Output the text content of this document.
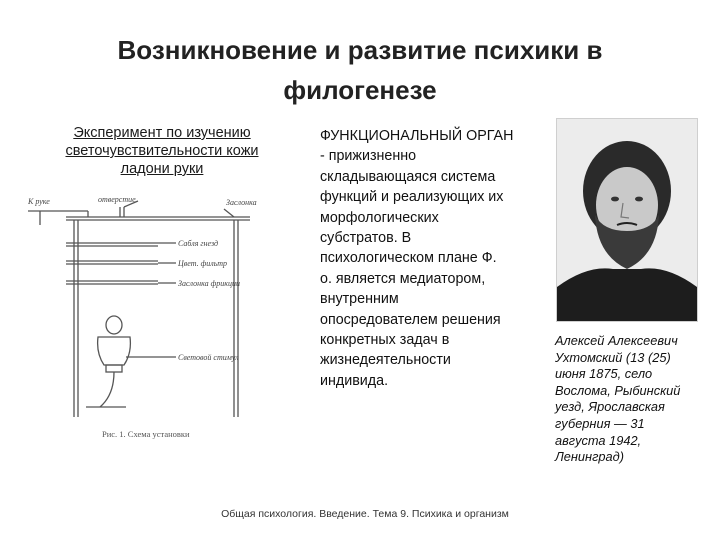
Возникновение и развитие психики в
филогенезе
Эксперимент по изучению
светочувствительности кожи
ладони руки
К руке	отверстие	Заслонка
Сабля гнезд
Цвет. фильтр
Заслонка фрикции
Световой стимул
Рис. 1. Схема установки
ФУНКЦИОНАЛЬНЫЙ ОРГАН
- прижизненно
складывающаяся система
функций и реализующих их
морфологических
субстратов. В
психологическом плане Ф.
о. является медиатором,
внутренним
опосредователем решения
конкретных задач в
жизнедеятельности
индивида.
Алексей Алексеевич
Ухтомский (13 (25)
июня 1875, село
Вослома, Рыбинский
уезд, Ярославская
губерния — 31
августа 1942,
Ленинград)
Общая психология. Введение. Тема 9. Психика и организм
